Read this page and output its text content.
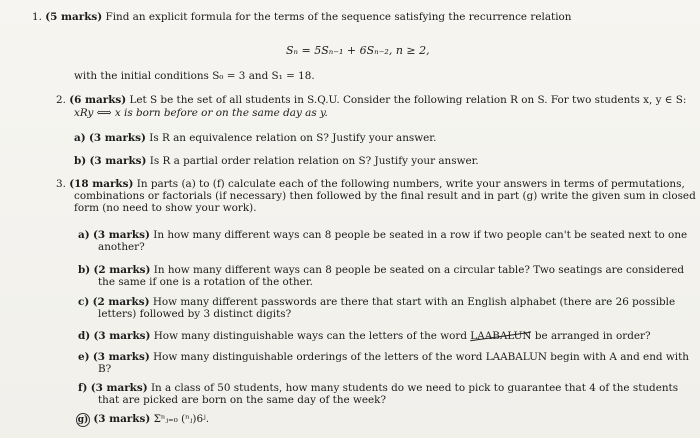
1. (5 marks) Find an explicit formula for the terms of the sequence satisfying the recurrence relation
Sₙ = 5Sₙ₋₁ + 6Sₙ₋₂, n ≥ 2,
with the initial conditions S₀ = 3 and S₁ = 18.
2. (6 marks) Let S be the set of all students in S.Q.U. Consider the following relation R on S. For two students x, y ∈ S:
xRy ⟺ x is born before or on the same day as y.
a) (3 marks) Is R an equivalence relation on S? Justify your answer.
b) (3 marks) Is R a partial order relation relation on S? Justify your answer.
3. (18 marks) In parts (a) to (f) calculate each of the following numbers, write your answers in terms of permutations,
combinations or factorials (if necessary) then followed by the final result and in part (g) write the given sum in closed
form (no need to show your work).
a) (3 marks) In how many different ways can 8 people be seated in a row if two people can't be seated next to one
another?
b) (2 marks) In how many different ways can 8 people be seated on a circular table? Two seatings are considered
the same if one is a rotation of the other.
c) (2 marks) How many different passwords are there that start with an English alphabet (there are 26 possible
letters) followed by 3 distinct digits?
d) (3 marks) How many distinguishable ways can the letters of the word LAABALUN be arranged in order?
e) (3 marks) How many distinguishable orderings of the letters of the word LAABALUN begin with A and end with
B?
f) (3 marks) In a class of 50 students, how many students do we need to pick to guarantee that 4 of the students
that are picked are born on the same day of the week?
g) (3 marks) Σⁿⱼ₌₀ (ⁿⱼ)6ʲ.
